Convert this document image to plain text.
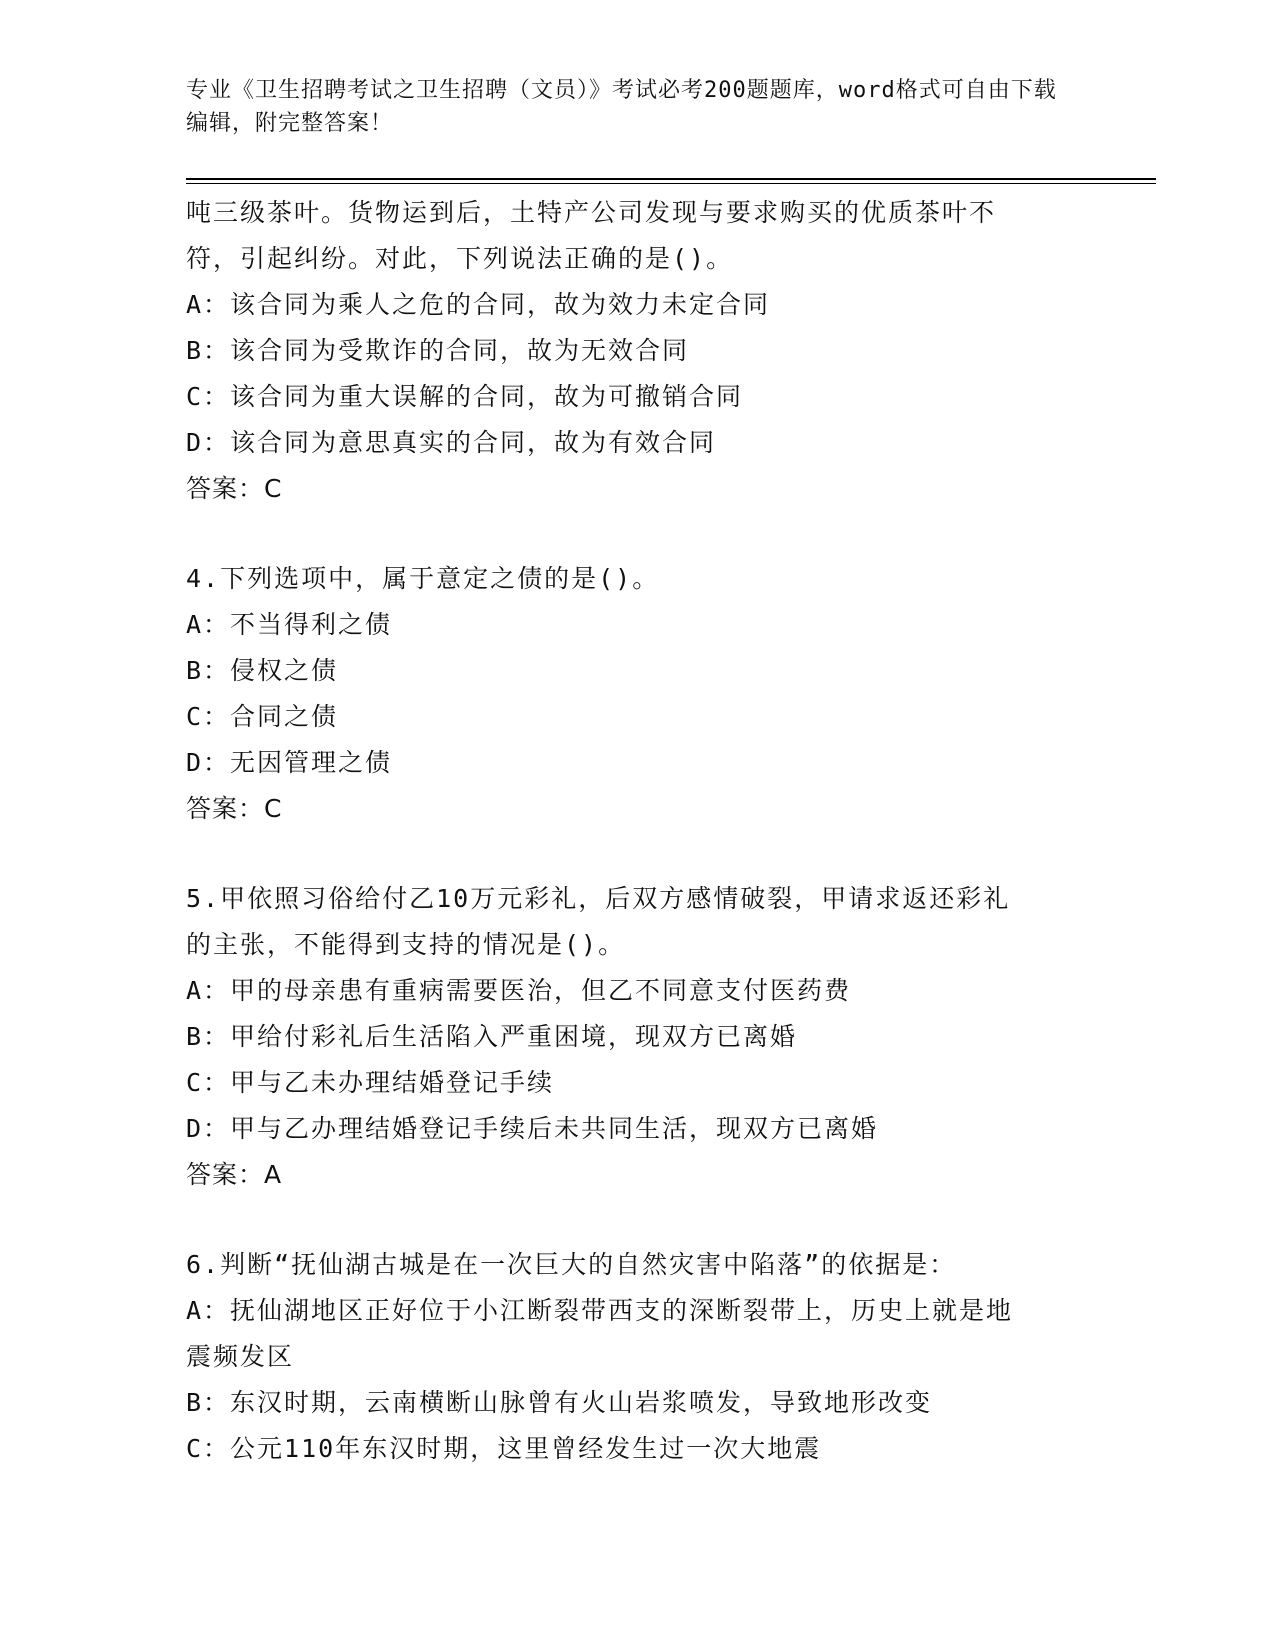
专业《卫生招聘考试之卫生招聘（文员）》考试必考200题题库，word格式可自由下载编辑，附完整答案！
吨三级茶叶。货物运到后，土特产公司发现与要求购买的优质茶叶不
符，引起纠纷。对此，下列说法正确的是()。
A：该合同为乘人之危的合同，故为效力未定合同
B：该合同为受欺诈的合同，故为无效合同
C：该合同为重大误解的合同，故为可撤销合同
D：该合同为意思真实的合同，故为有效合同
答案：C
4.下列选项中，属于意定之债的是()。
A：不当得利之债
B：侵权之债
C：合同之债
D：无因管理之债
答案：C
5.甲依照习俗给付乙10万元彩礼，后双方感情破裂，甲请求返还彩礼
的主张，不能得到支持的情况是()。
A：甲的母亲患有重病需要医治，但乙不同意支付医药费
B：甲给付彩礼后生活陷入严重困境，现双方已离婚
C：甲与乙未办理结婚登记手续
D：甲与乙办理结婚登记手续后未共同生活，现双方已离婚
答案：A
6.判断“抚仙湖古城是在一次巨大的自然灾害中陷落”的依据是：
A：抚仙湖地区正好位于小江断裂带西支的深断裂带上，历史上就是地
震频发区
B：东汉时期，云南横断山脉曾有火山岩浆喷发，导致地形改变
C：公元110年东汉时期，这里曾经发生过一次大地震
